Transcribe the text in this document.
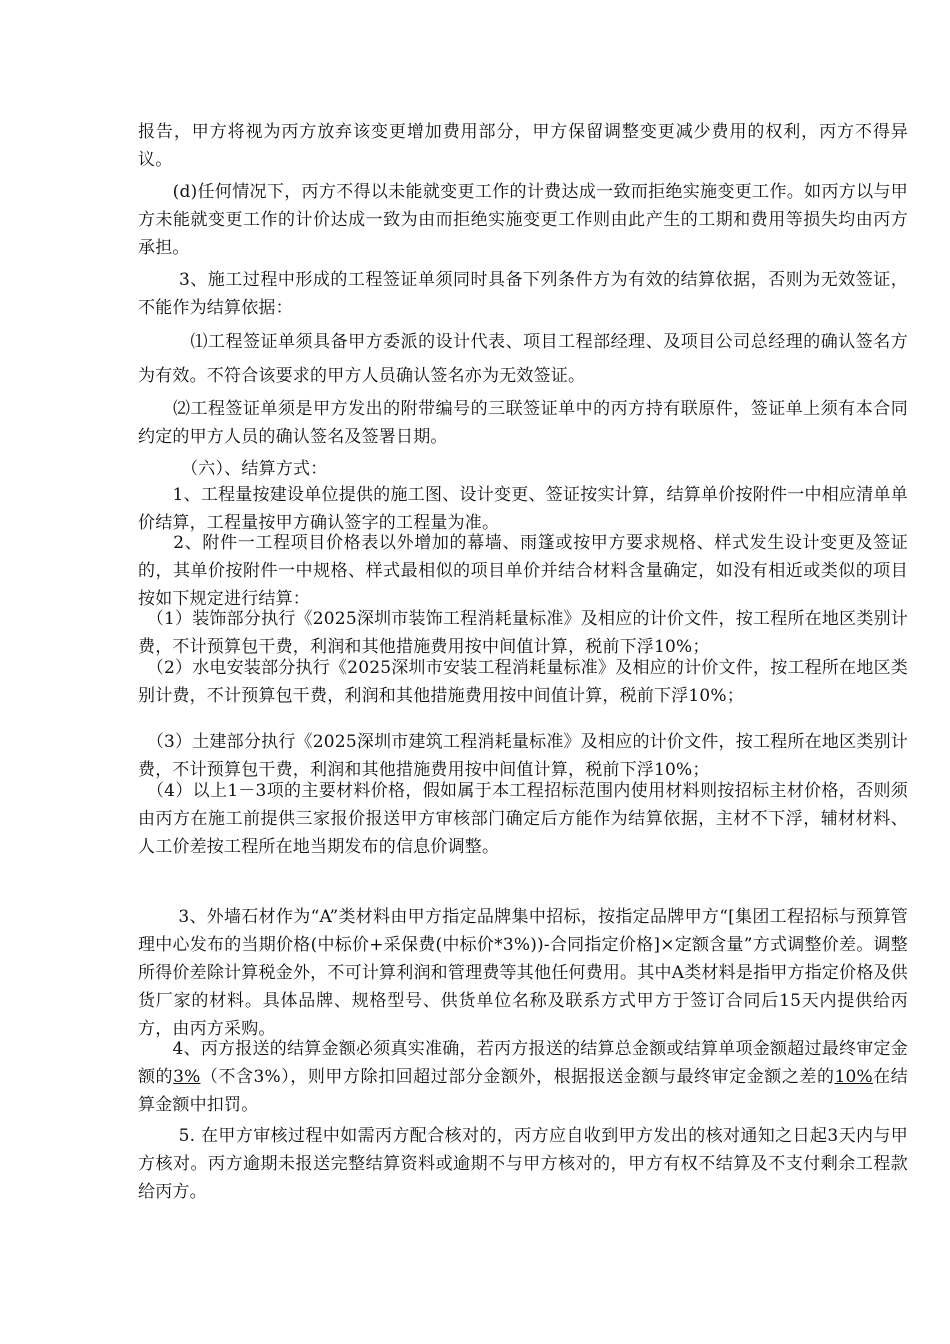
报告，甲方将视为丙方放弃该变更增加费用部分，甲方保留调整变更减少费用的权利，丙方不得异议。

　　(d)任何情况下，丙方不得以未能就变更工作的计费达成一致而拒绝实施变更工作。如丙方以与甲方未能就变更工作的计价达成一致为由而拒绝实施变更工作则由此产生的工期和费用等损失均由丙方承担。

　　 3、施工过程中形成的工程签证单须同时具备下列条件方为有效的结算依据，否则为无效签证，不能作为结算依据：

　　　⑴工程签证单须具备甲方委派的设计代表、项目工程部经理、及项目公司总经理的确认签名方为有效。不符合该要求的甲方人员确认签名亦为无效签证。

　　⑵工程签证单须是甲方发出的附带编号的三联签证单中的丙方持有联原件，签证单上须有本合同约定的甲方人员的确认签名及签署日期。

　　　（六）、结算方式：

　　1、工程量按建设单位提供的施工图、设计变更、签证按实计算，结算单价按附件一中相应清单单价结算，工程量按甲方确认签字的工程量为准。

　　2、附件一工程项目价格表以外增加的幕墙、雨篷或按甲方要求规格、样式发生设计变更及签证的，其单价按附件一中规格、样式最相似的项目单价并结合材料含量确定，如没有相近或类似的项目按如下规定进行结算：

　（1）装饰部分执行《2025深圳市装饰工程消耗量标准》及相应的计价文件，按工程所在地区类别计费，不计预算包干费，利润和其他措施费用按中间值计算，税前下浮10%；

　（2）水电安装部分执行《2025深圳市安装工程消耗量标准》及相应的计价文件，按工程所在地区类别计费，不计预算包干费，利润和其他措施费用按中间值计算，税前下浮10%；

　（3）土建部分执行《2025深圳市建筑工程消耗量标准》及相应的计价文件，按工程所在地区类别计费，不计预算包干费，利润和其他措施费用按中间值计算，税前下浮10%；

　（4）以上1－3项的主要材料价格，假如属于本工程招标范围内使用材料则按招标主材价格，否则须由丙方在施工前提供三家报价报送甲方审核部门确定后方能作为结算依据，主材不下浮，辅材材料、人工价差按工程所在地当期发布的信息价调整。

　　 3、外墙石材作为“A”类材料由甲方指定品牌集中招标，按指定品牌甲方“[集团工程招标与预算管理中心发布的当期价格(中标价+采保费(中标价*3%))-合同指定价格]×定额含量”方式调整价差。调整所得价差除计算税金外，不可计算利润和管理费等其他任何费用。其中A类材料是指甲方指定价格及供货厂家的材料。具体品牌、规格型号、供货单位名称及联系方式甲方于签订合同后15天内提供给丙方，由丙方采购。

　　4、丙方报送的结算金额必须真实准确，若丙方报送的结算总金额或结算单项金额超过最终审定金额的3%（不含3%），则甲方除扣回超过部分金额外，根据报送金额与最终审定金额之差的10%在结算金额中扣罚。

　　 5. 在甲方审核过程中如需丙方配合核对的，丙方应自收到甲方发出的核对通知之日起3天内与甲方核对。丙方逾期未报送完整结算资料或逾期不与甲方核对的，甲方有权不结算及不支付剩余工程款给丙方。
